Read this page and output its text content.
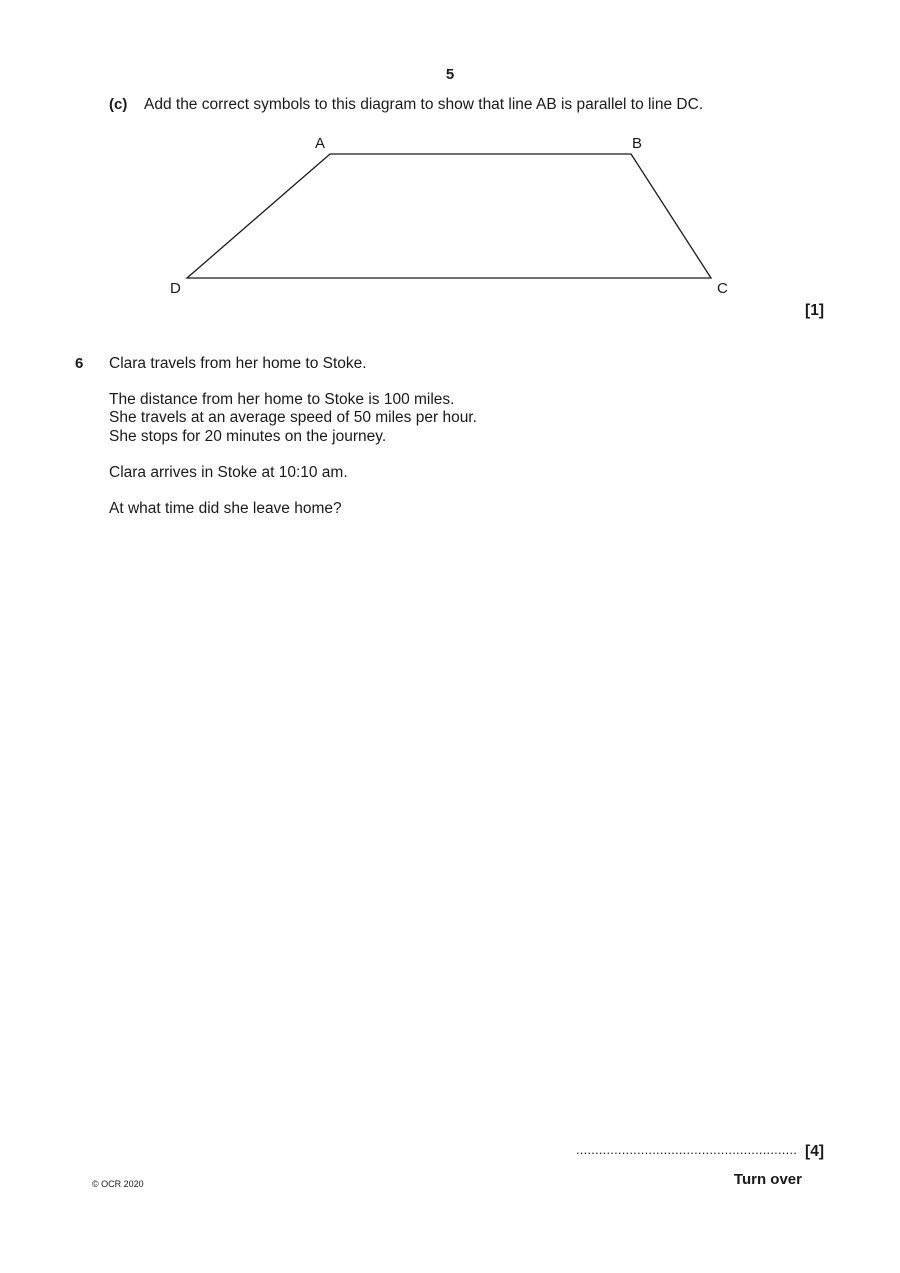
5
(c) Add the correct symbols to this diagram to show that line AB is parallel to line DC.
A	B
D	C
[1]
6 Clara travels from her home to Stoke.
The distance from her home to Stoke is 100 miles.
She travels at an average speed of 50 miles per hour.
She stops for 20 minutes on the journey.
Clara arrives in Stoke at 10:10 am.
At what time did she leave home?
.......................................................... [4]
© OCR 2020	Turn over
